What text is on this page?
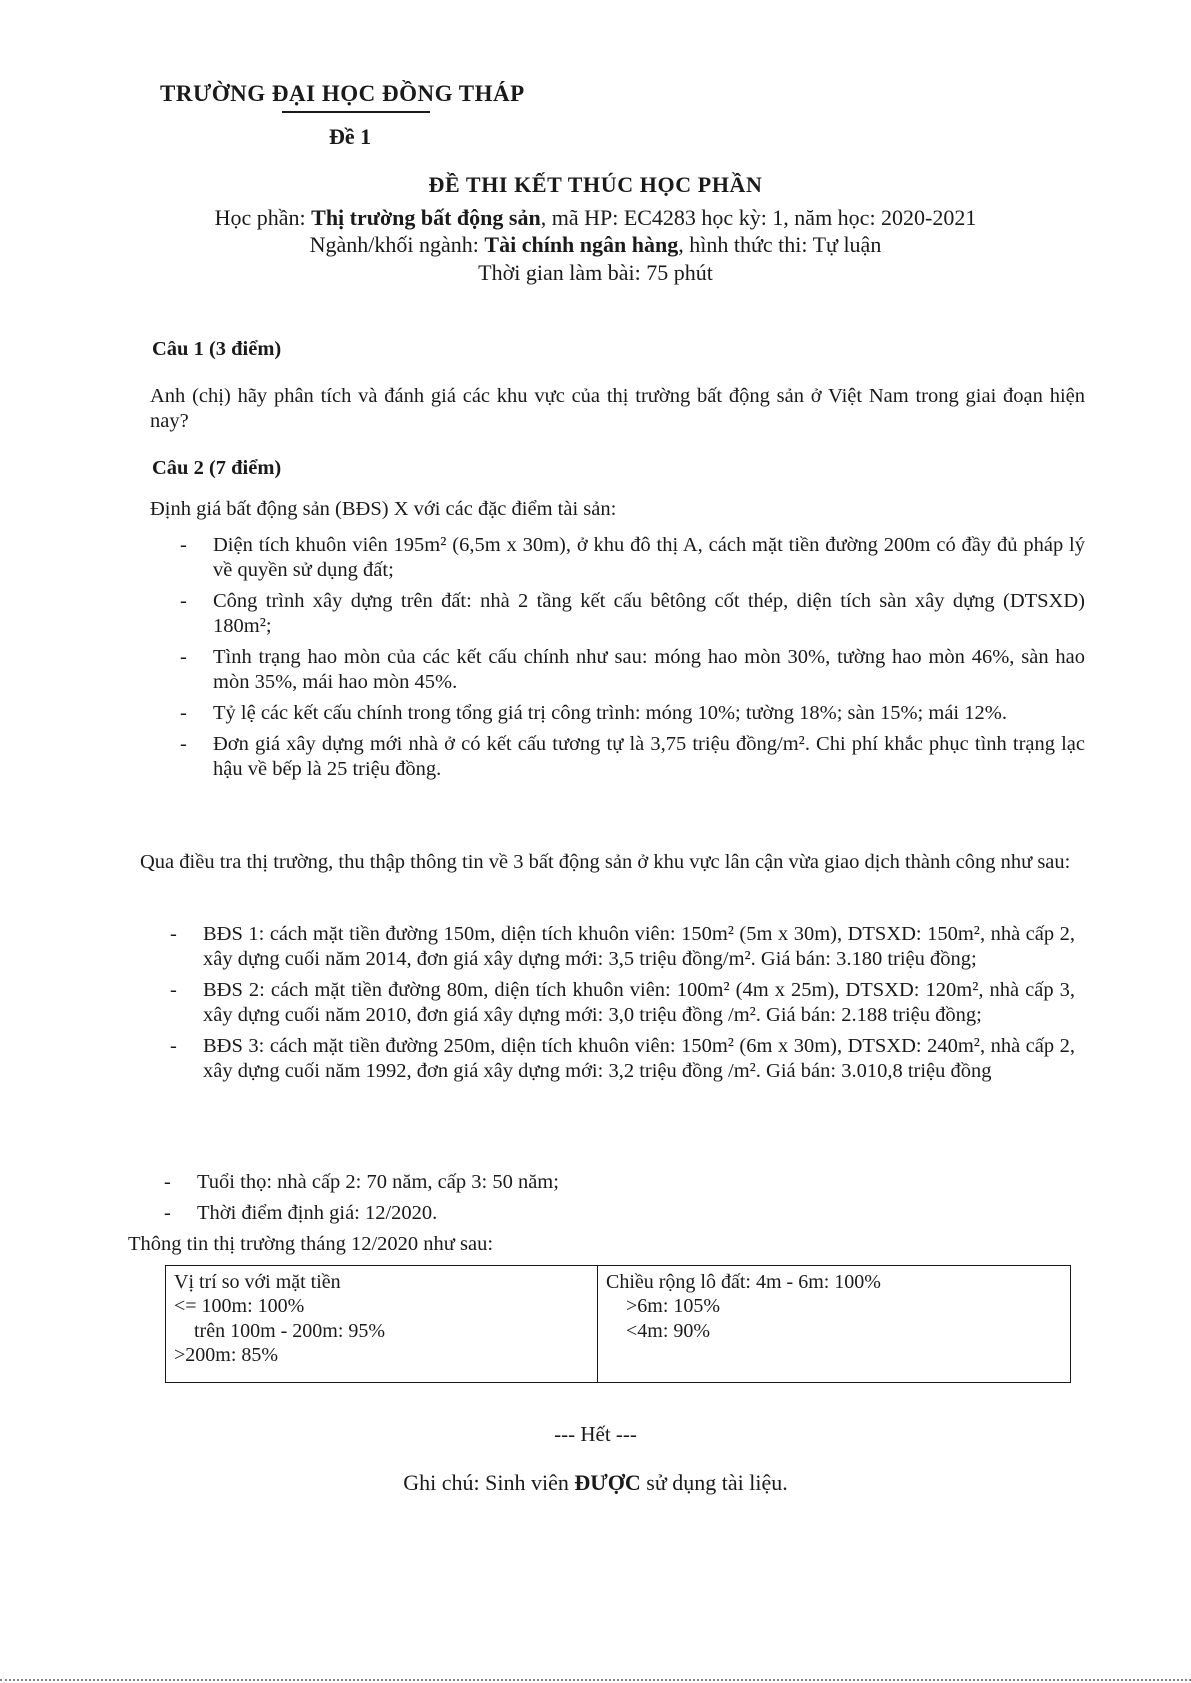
TRƯỜNG ĐẠI HỌC ĐỒNG THÁP
Đề 1
ĐỀ THI KẾT THÚC HỌC PHẦN
Học phần: Thị trường bất động sản, mã HP: EC4283 học kỳ: 1, năm học: 2020-2021
Ngành/khối ngành: Tài chính ngân hàng, hình thức thi: Tự luận
Thời gian làm bài: 75 phút
Câu 1 (3 điểm)
Anh (chị) hãy phân tích và đánh giá các khu vực của thị trường bất động sản ở Việt Nam trong giai đoạn hiện nay?
Câu 2 (7 điểm)
Định giá bất động sản (BĐS) X với các đặc điểm tài sản:
- Diện tích khuôn viên 195m² (6,5m x 30m), ở khu đô thị A, cách mặt tiền đường 200m có đầy đủ pháp lý về quyền sử dụng đất;
- Công trình xây dựng trên đất: nhà 2 tầng kết cấu bêtông cốt thép, diện tích sàn xây dựng (DTSXD) 180m²;
- Tình trạng hao mòn của các kết cấu chính như sau: móng hao mòn 30%, tường hao mòn 46%, sàn hao mòn 35%, mái hao mòn 45%.
- Tỷ lệ các kết cấu chính trong tổng giá trị công trình: móng 10%; tường 18%; sàn 15%; mái 12%.
- Đơn giá xây dựng mới nhà ở có kết cấu tương tự là 3,75 triệu đồng/m². Chi phí khắc phục tình trạng lạc hậu về bếp là 25 triệu đồng.
Qua điều tra thị trường, thu thập thông tin về 3 bất động sản ở khu vực lân cận vừa giao dịch thành công như sau:
- BĐS 1: cách mặt tiền đường 150m, diện tích khuôn viên: 150m² (5m x 30m), DTSXD: 150m², nhà cấp 2, xây dựng cuối năm 2014, đơn giá xây dựng mới: 3,5 triệu đồng/m². Giá bán: 3.180 triệu đồng;
- BĐS 2: cách mặt tiền đường 80m, diện tích khuôn viên: 100m² (4m x 25m), DTSXD: 120m², nhà cấp 3, xây dựng cuối năm 2010, đơn giá xây dựng mới: 3,0 triệu đồng /m². Giá bán: 2.188 triệu đồng;
- BĐS 3: cách mặt tiền đường 250m, diện tích khuôn viên: 150m² (6m x 30m), DTSXD: 240m², nhà cấp 2, xây dựng cuối năm 1992, đơn giá xây dựng mới: 3,2 triệu đồng /m². Giá bán: 3.010,8 triệu đồng
- Tuổi thọ: nhà cấp 2: 70 năm, cấp 3: 50 năm;
- Thời điểm định giá: 12/2020.
Thông tin thị trường tháng 12/2020 như sau:
Vị trí so với mặt tiền
<= 100m: 100%
trên 100m - 200m: 95%
>200m: 85%

Chiều rộng lô đất: 4m - 6m: 100%
>6m: 105%
<4m: 90%
--- Hết ---
Ghi chú: Sinh viên ĐƯỢC sử dụng tài liệu.
